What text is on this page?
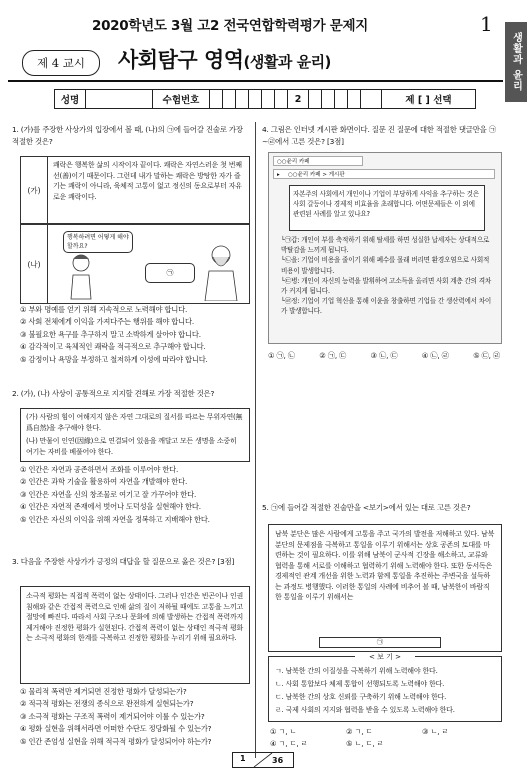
2020학년도 3월 고2 전국연합학력평가 문제지	1
생활과 윤리
제 4 교시	사회탐구 영역(생활과 윤리)
성명	수험번호	2	제 [ ] 선택
1. (가)를 주장한 사상가의 입장에서 볼 때, (나)의 ㉠에 들어갈 진술로 가장 적절한 것은?
(가)
쾌락은 행복한 삶의 시작이자 끝이다. 쾌락은 자연스러운 첫 번째 선(善)이기 때문이다. 그런데 내가 말하는 쾌락은 방탕한 자가 즐기는 쾌락이 아니라, 육체적 고통이 없고 정신의 동요로부터 자유로운 쾌락이다.
(나)
행복하려면 어떻게 해야 할까요?
㉠
① 부와 명예를 얻기 위해 지속적으로 노력해야 합니다.
② 사회 전체에게 이익을 가져다주는 행위를 해야 합니다.
③ 불필요한 욕구를 추구하지 말고 소박하게 살아야 합니다.
④ 감각적이고 육체적인 쾌락을 적극적으로 추구해야 합니다.
⑤ 감정이나 욕망을 부정하고 철저하게 이성에 따라야 합니다.
2. (가), (나) 사상이 공통적으로 지지할 견해로 가장 적절한 것은?
(가) 사람의 힘이 여해지지 않은 자연 그대로의 질서를 따르는 무위자연(無爲自然)을 추구해야 한다.
(나) 만물이 인연(因緣)으로 연결되어 있음을 깨달고 모든 생명을 소중히 여기는 자비를 베풀어야 한다.
① 인간은 자연과 공존하면서 조화를 이루어야 한다.
② 인간은 과학 기술을 활용하여 자연을 개발해야 한다.
③ 인간은 자연을 신의 창조물로 여기고 잘 가꾸어야 한다.
④ 인간은 자연적 존재에서 벗어나 도덕성을 실현해야 한다.
⑤ 인간은 자신의 이익을 위해 자연을 정복하고 지배해야 한다.
3. 다음을 주장한 사상가가 긍정의 대답을 할 질문으로 옳은 것은? [3점]
소극적 평화는 직접적 폭력이 없는 상태이다. 그러나 인간은 빈곤이나 인권 침해와 같은 간접적 폭력으로 인해 삶의 질이 저하될 때에도 고통을 느끼고 절망에 빠진다. 따라서 사회 구조나 문화에 의해 발생하는 간접적 폭력까지 제거해야 진정한 평화가 실현된다. 간접적 폭력이 없는 상태인 적극적 평화는 소극적 평화의 한계를 극복하고 진정한 평화를 누리기 위해 필요하다.
① 물리적 폭력만 제거되면 진정한 평화가 달성되는가?
② 적극적 평화는 전쟁의 종식으로 완전하게 실현되는가?
③ 소극적 평화는 구조적 폭력이 제거되어야 이룰 수 있는가?
④ 평화 실현을 위해서라면 어떠한 수단도 정당화될 수 있는가?
⑤ 인간 존엄성 실현을 위해 적극적 평화가 달성되어야 하는가?
4. 그림은 인터넷 게시판 화면이다. 질문 진 질문에 대한 적절한 댓글만을 ㉠∼㉣에서 고른 것은? [3점]
○○윤리 카페
▸ ○○윤리 카페 > 게시판
자본주의 사회에서 개인이나 기업이 부당하게 사익을 추구하는 것은 사회 갈등이나 경제적 비효율을 초래합니다. 어떤문제들은 이 외에 관련된 사례를 알고 있나요?
└㉠갑: 개인이 부를 축적하기 위해 탈세를 하면 성실한 납세자는 상대적으로 박탈감을 느끼게 됩니다.
└㉡을: 기업이 비용을 줄이기 위해 폐수를 몰래 버리면 환경오염으로 사회적 비용이 발생합니다.
└㉢병: 개인이 자신의 능력을 발휘하여 고소득을 올리면 사회 계층 간의 격차가 커지게 됩니다.
└㉣정: 기업이 기업 혁신을 통해 이윤을 창출하면 기업들 간 생산력에서 차이가 발생합니다.
① ㉠, ㉡	② ㉠, ㉢	③ ㉡, ㉢	④ ㉡, ㉣	⑤ ㉢, ㉣
5. ㉠에 들어갈 적절한 진술만을 <보기>에서 있는 대로 고른 것은?
남북 분단은 많은 사람에게 고통을 주고 국가의 발전을 저해하고 있다. 남북 분단의 문제점을 극복하고 통일을 이루기 위해서는 상호 공존의 토대를 마련하는 것이 필요하다. 이를 위해 남북이 군사적 긴장을 해소하고, 교류와 협력을 통해 서로를 이해하고 협력하기 위해 노력해야 한다. 또한 동서독은 경제적인 관계 개선을 위한 노력과 함께 통일을 추진하는 주변국을 설득하는 과정도 병행했다. 이러한 통일의 사례에 비추어 볼 때, 남북한이 바람직한 통일을 이루기 위해서는
㉠
< 보 기 >
ㄱ. 남북한 간의 이질성을 극복하기 위해 노력해야 한다.
ㄴ. 사회 통합보다 체제 통합이 선행되도록 노력해야 한다.
ㄷ. 남북한 간의 상호 신뢰를 구축하기 위해 노력해야 한다.
ㄹ. 국제 사회의 지지와 협력을 받을 수 있도록 노력해야 한다.
① ㄱ, ㄴ	② ㄱ, ㄷ	③ ㄴ, ㄹ
④ ㄱ, ㄷ, ㄹ	⑤ ㄴ, ㄷ, ㄹ
1	36
